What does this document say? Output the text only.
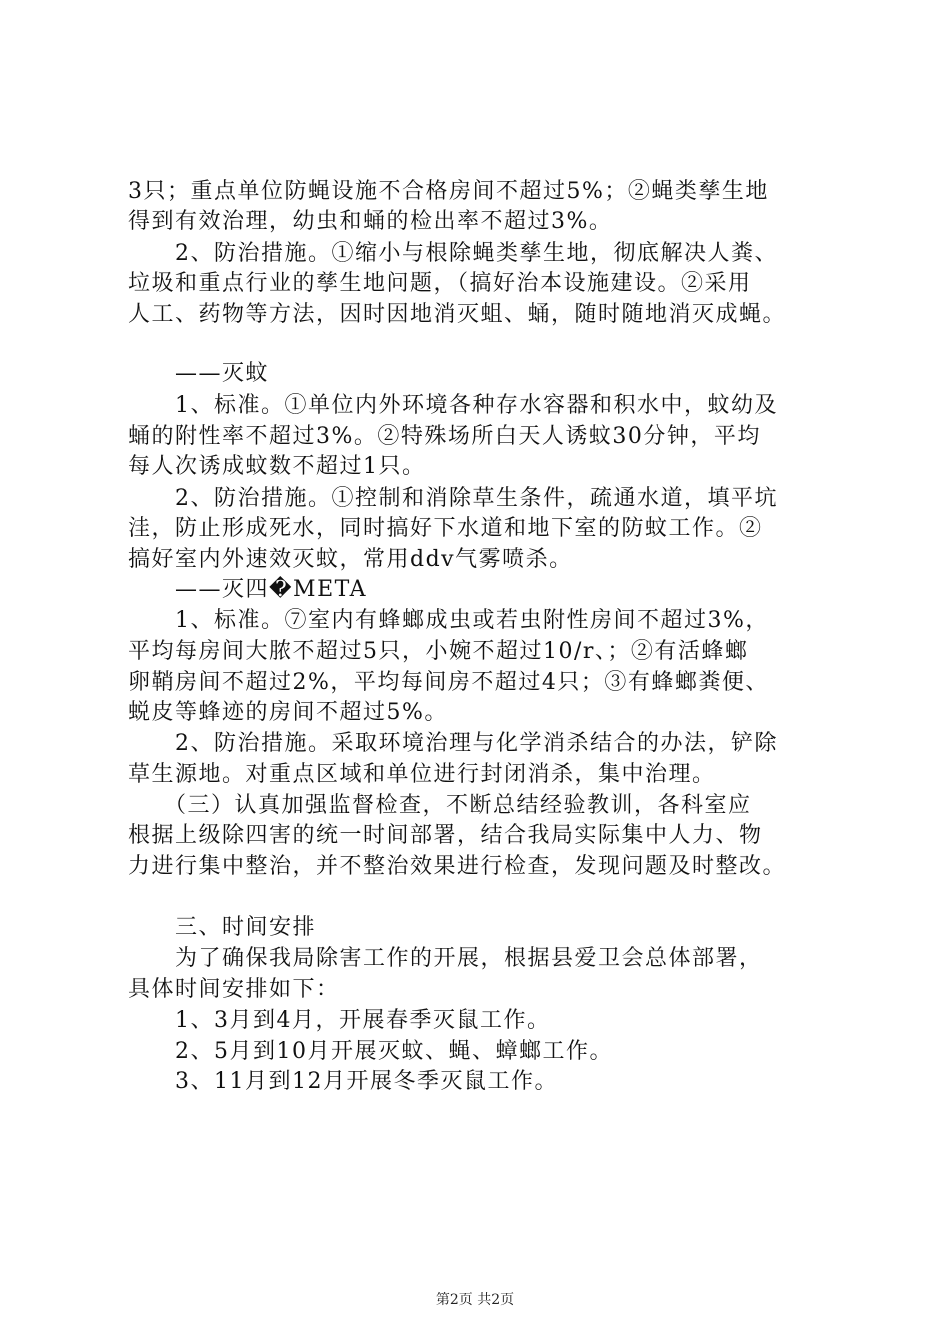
3只；重点单位防蝇设施不合格房间不超过5%；②蝇类孳生地
得到有效治理，幼虫和蛹的检出率不超过3%。
　　2、防治措施。①缩小与根除蝇类孳生地，彻底解决人粪、
垃圾和重点行业的孳生地问题，（搞好治本设施建设。②采用
人工、药物等方法，因时因地消灭蛆、蛹，随时随地消灭成蝇。
　　——灭蚊
　　1、标准。①单位内外环境各种存水容器和积水中，蚊幼及
蛹的附性率不超过3%。②特殊场所白天人诱蚊30分钟，平均
每人次诱成蚊数不超过1只。
　　2、防治措施。①控制和消除草生条件，疏通水道，填平坑
洼，防止形成死水，同时搞好下水道和地下室的防蚊工作。②
搞好室内外速效灭蚊，常用ddv气雾喷杀。
　　——灭四�META
　　1、标准。⑦室内有蜂螂成虫或若虫附性房间不超过3%，
平均每房间大脓不超过5只，小婉不超过10/r、；②有活蜂螂
卵鞘房间不超过2%，平均每间房不超过4只；③有蜂螂粪便、
蜕皮等蜂迹的房间不超过5%。
　　2、防治措施。采取环境治理与化学消杀结合的办法，铲除
草生源地。对重点区域和单位进行封闭消杀，集中治理。
　　（三）认真加强监督检查，不断总结经验教训，各科室应
根据上级除四害的统一时间部署，结合我局实际集中人力、物
力进行集中整治，并不整治效果进行检查，发现问题及时整改。
　　三、时间安排
　　为了确保我局除害工作的开展，根据县爱卫会总体部署，
具体时间安排如下：
　　1、3月到4月，开展春季灭鼠工作。
　　2、5月到10月开展灭蚊、蝇、蟑螂工作。
　　3、11月到12月开展冬季灭鼠工作。
第2页 共2页
